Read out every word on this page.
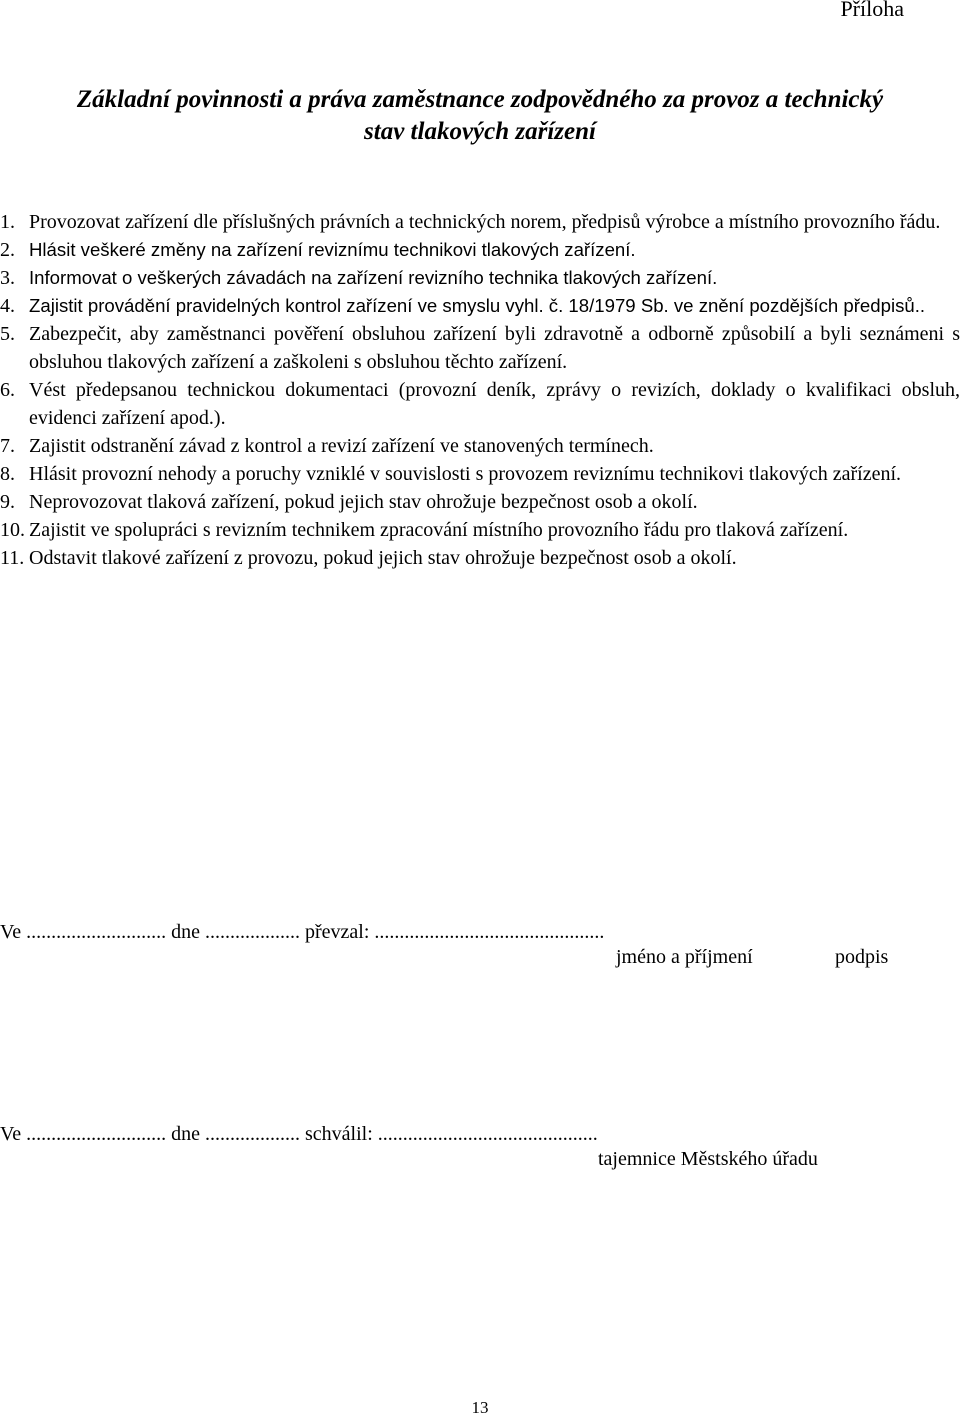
Příloha
Základní povinnosti a práva zaměstnance zodpovědného za provoz a technický
stav tlakových zařízení
1. Provozovat zařízení dle příslušných právních a technických norem, předpisů výrobce a místního provozního řádu.
2. Hlásit veškeré změny na zařízení reviznímu technikovi tlakových zařízení.
3. Informovat o veškerých závadách na zařízení revizního technika tlakových zařízení.
4. Zajistit provádění pravidelných kontrol zařízení ve smyslu vyhl. č. 18/1979 Sb. ve znění pozdějších předpisů..
5. Zabezpečit, aby zaměstnanci pověření obsluhou zařízení byli zdravotně a odborně způsobilí a byli seznámeni s obsluhou tlakových zařízení a zaškoleni s obsluhou těchto zařízení.
6. Vést předepsanou technickou dokumentaci (provozní deník, zprávy o revizích, doklady o kvalifikaci obsluh, evidenci zařízení apod.).
7. Zajistit odstranění závad z kontrol a revizí zařízení ve stanovených termínech.
8. Hlásit provozní nehody a poruchy vzniklé v souvislosti s provozem reviznímu technikovi tlakových zařízení.
9. Neprovozovat tlaková zařízení, pokud jejich stav ohrožuje bezpečnost osob a okolí.
10. Zajistit ve spolupráci s revizním technikem zpracování místního provozního řádu pro tlaková zařízení.
11. Odstavit tlakové zařízení z provozu, pokud jejich stav ohrožuje bezpečnost osob a okolí.
Ve ............................ dne ................... převzal: ..............................................
jméno a příjmení	podpis
Ve ............................ dne ................... schválil: ............................................
tajemnice Městského úřadu
13
